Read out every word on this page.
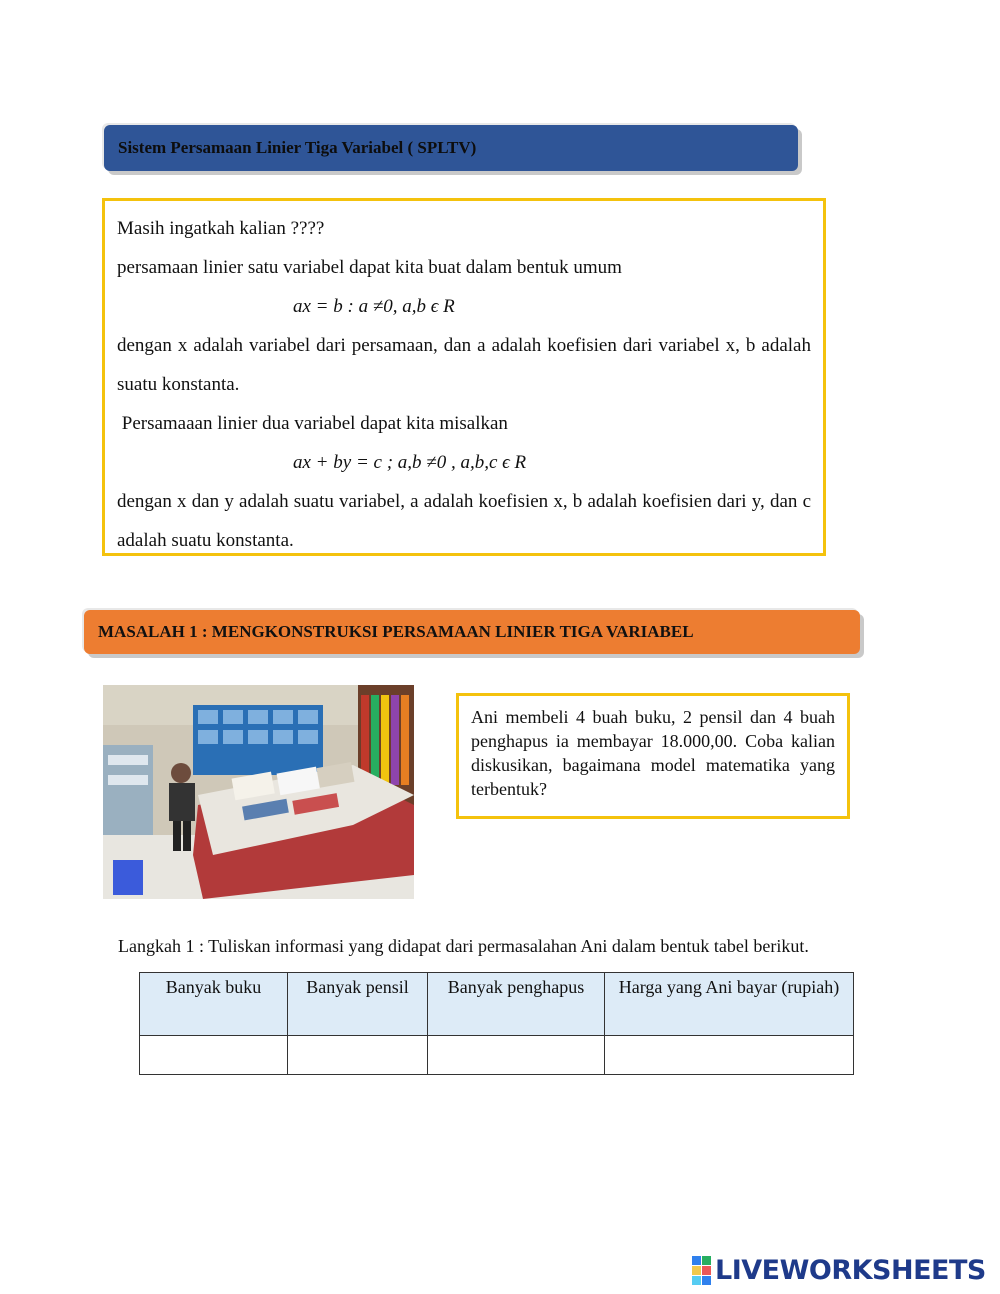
Sistem Persamaan Linier Tiga Variabel ( SPLTV)

Masih ingatkah kalian ????

persamaan linier satu variabel dapat kita buat dalam bentuk umum

ax = b : a ≠0, a,b ϵ R

dengan x adalah variabel dari persamaan, dan a adalah koefisien dari variabel x, b adalah suatu konstanta.

Persamaaan linier dua variabel dapat kita misalkan

ax + by = c ; a,b ≠0 , a,b,c ϵ R

dengan x dan y adalah suatu variabel, a adalah koefisien x, b adalah koefisien dari y, dan c adalah suatu konstanta.

MASALAH 1 : MENGKONSTRUKSI PERSAMAAN LINIER TIGA VARIABEL
Ani membeli 4 buah buku, 2 pensil dan 4 buah penghapus ia membayar 18.000,00. Coba kalian diskusikan, bagaimana model matematika yang terbentuk?
Langkah 1 : Tuliskan informasi yang didapat dari permasalahan Ani dalam bentuk tabel berikut.
Banyak buku	Banyak pensil	Banyak penghapus	Harga yang Ani bayar (rupiah)

LIVEWORKSHEETS
